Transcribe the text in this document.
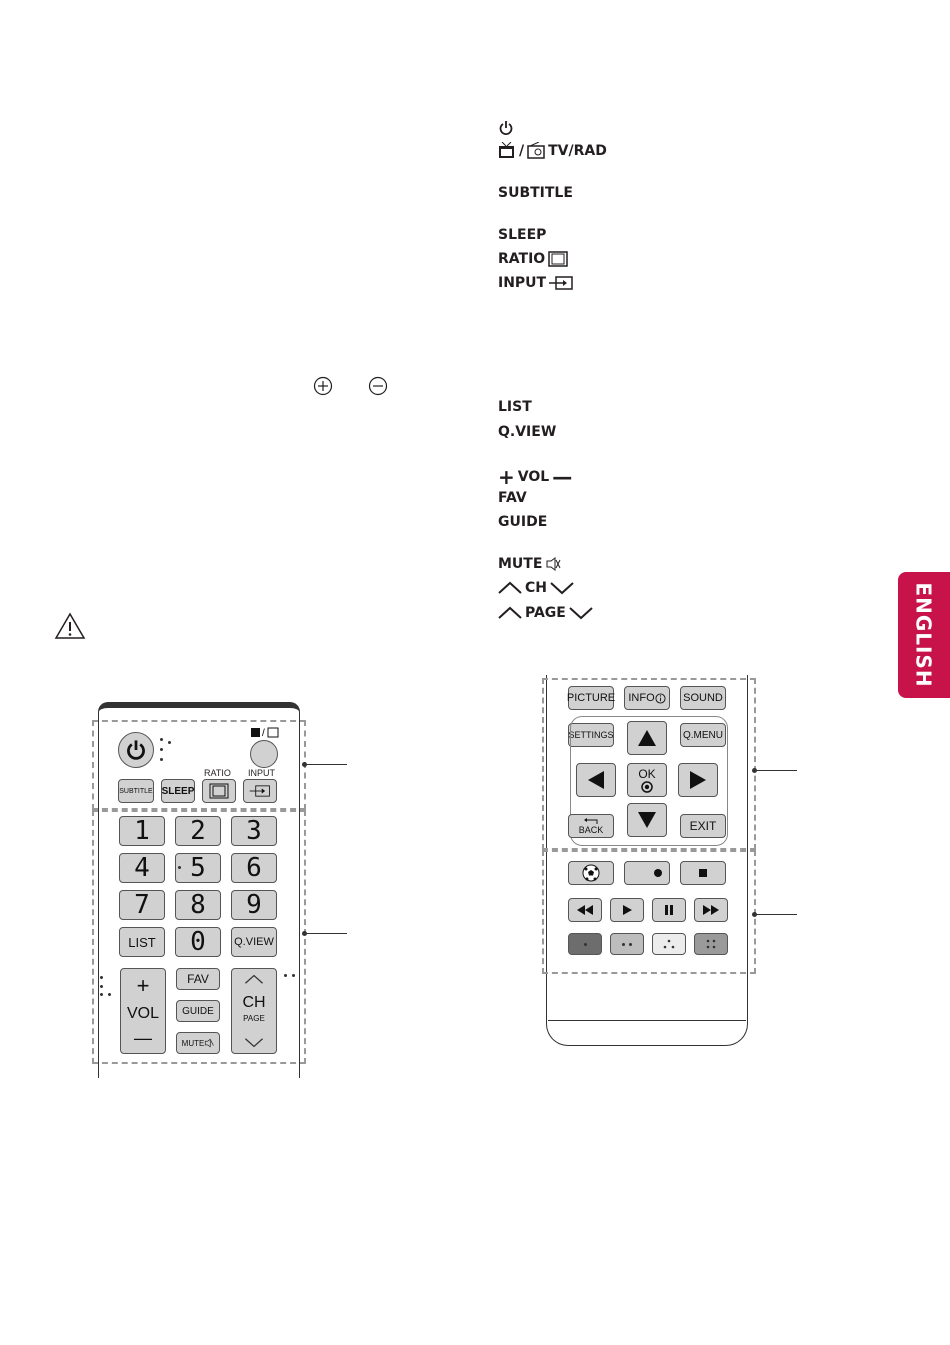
/ TV/RAD
SUBTITLE
SLEEP
RATIO
INPUT
LIST
Q.VIEW
+ VOL —
FAV
GUIDE
MUTE
CH
PAGE	ENGLISH
/
SUBTITLE SLEEP
RATIO INPUT
1	2	3
4	5	6
7	8	9
LIST	0	Q.VIEW
+
VOL
—
FAV
GUIDE
MUTE
CH
PAGE
PICTURE INFO	SOUND
SETTINGS	Q.MENU
OK
BACK	EXIT
